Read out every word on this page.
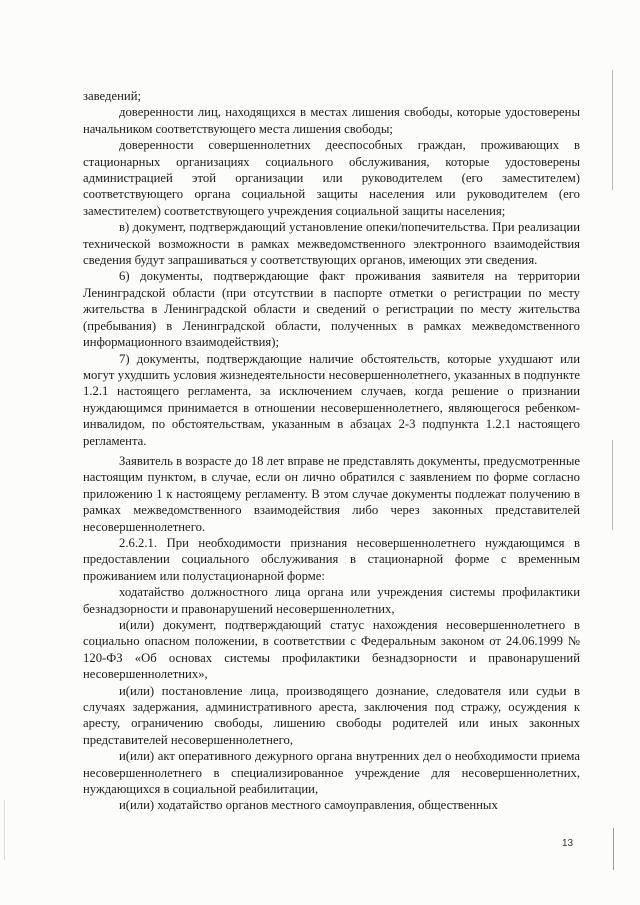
заведений;

доверенности лиц, находящихся в местах лишения свободы, которые удостоверены начальником соответствующего места лишения свободы;

доверенности совершеннолетних дееспособных граждан, проживающих в стационарных организациях социального обслуживания, которые удостоверены администрацией этой организации или руководителем (его заместителем) соответствующего органа социальной защиты населения или руководителем (его заместителем) соответствующего учреждения социальной защиты населения;

в) документ, подтверждающий установление опеки/попечительства. При реализации технической возможности в рамках межведомственного электронного взаимодействия сведения будут запрашиваться у соответствующих органов, имеющих эти сведения.

6) документы, подтверждающие факт проживания заявителя на территории Ленинградской области (при отсутствии в паспорте отметки о регистрации по месту жительства в Ленинградской области и сведений о регистрации по месту жительства (пребывания) в Ленинградской области, полученных в рамках межведомственного информационного взаимодействия);

7) документы, подтверждающие наличие обстоятельств, которые ухудшают или могут ухудшить условия жизнедеятельности несовершеннолетнего, указанных в подпункте 1.2.1 настоящего регламента, за исключением случаев, когда решение о признании нуждающимся принимается в отношении несовершеннолетнего, являющегося ребенком-инвалидом, по обстоятельствам, указанным в абзацах 2-3 подпункта 1.2.1 настоящего регламента.

Заявитель в возрасте до 18 лет вправе не представлять документы, предусмотренные настоящим пунктом, в случае, если он лично обратился с заявлением по форме согласно приложению 1 к настоящему регламенту. В этом случае документы подлежат получению в рамках межведомственного взаимодействия либо через законных представителей несовершеннолетнего.

2.6.2.1. При необходимости признания несовершеннолетнего нуждающимся в предоставлении социального обслуживания в стационарной форме с временным проживанием или полустационарной форме:

ходатайство должностного лица органа или учреждения системы профилактики безнадзорности и правонарушений несовершеннолетних,

и(или) документ, подтверждающий статус нахождения несовершеннолетнего в социально опасном положении, в соответствии с Федеральным законом от 24.06.1999 № 120-ФЗ «Об основах системы профилактики безнадзорности и правонарушений несовершеннолетних»,

и(или) постановление лица, производящего дознание, следователя или судьи в случаях задержания, административного ареста, заключения под стражу, осуждения к аресту, ограничению свободы, лишению свободы родителей или иных законных представителей несовершеннолетнего,

и(или) акт оперативного дежурного органа внутренних дел о необходимости приема несовершеннолетнего в специализированное учреждение для несовершеннолетних, нуждающихся в социальной реабилитации,

и(или) ходатайство органов местного самоуправления, общественных

13
